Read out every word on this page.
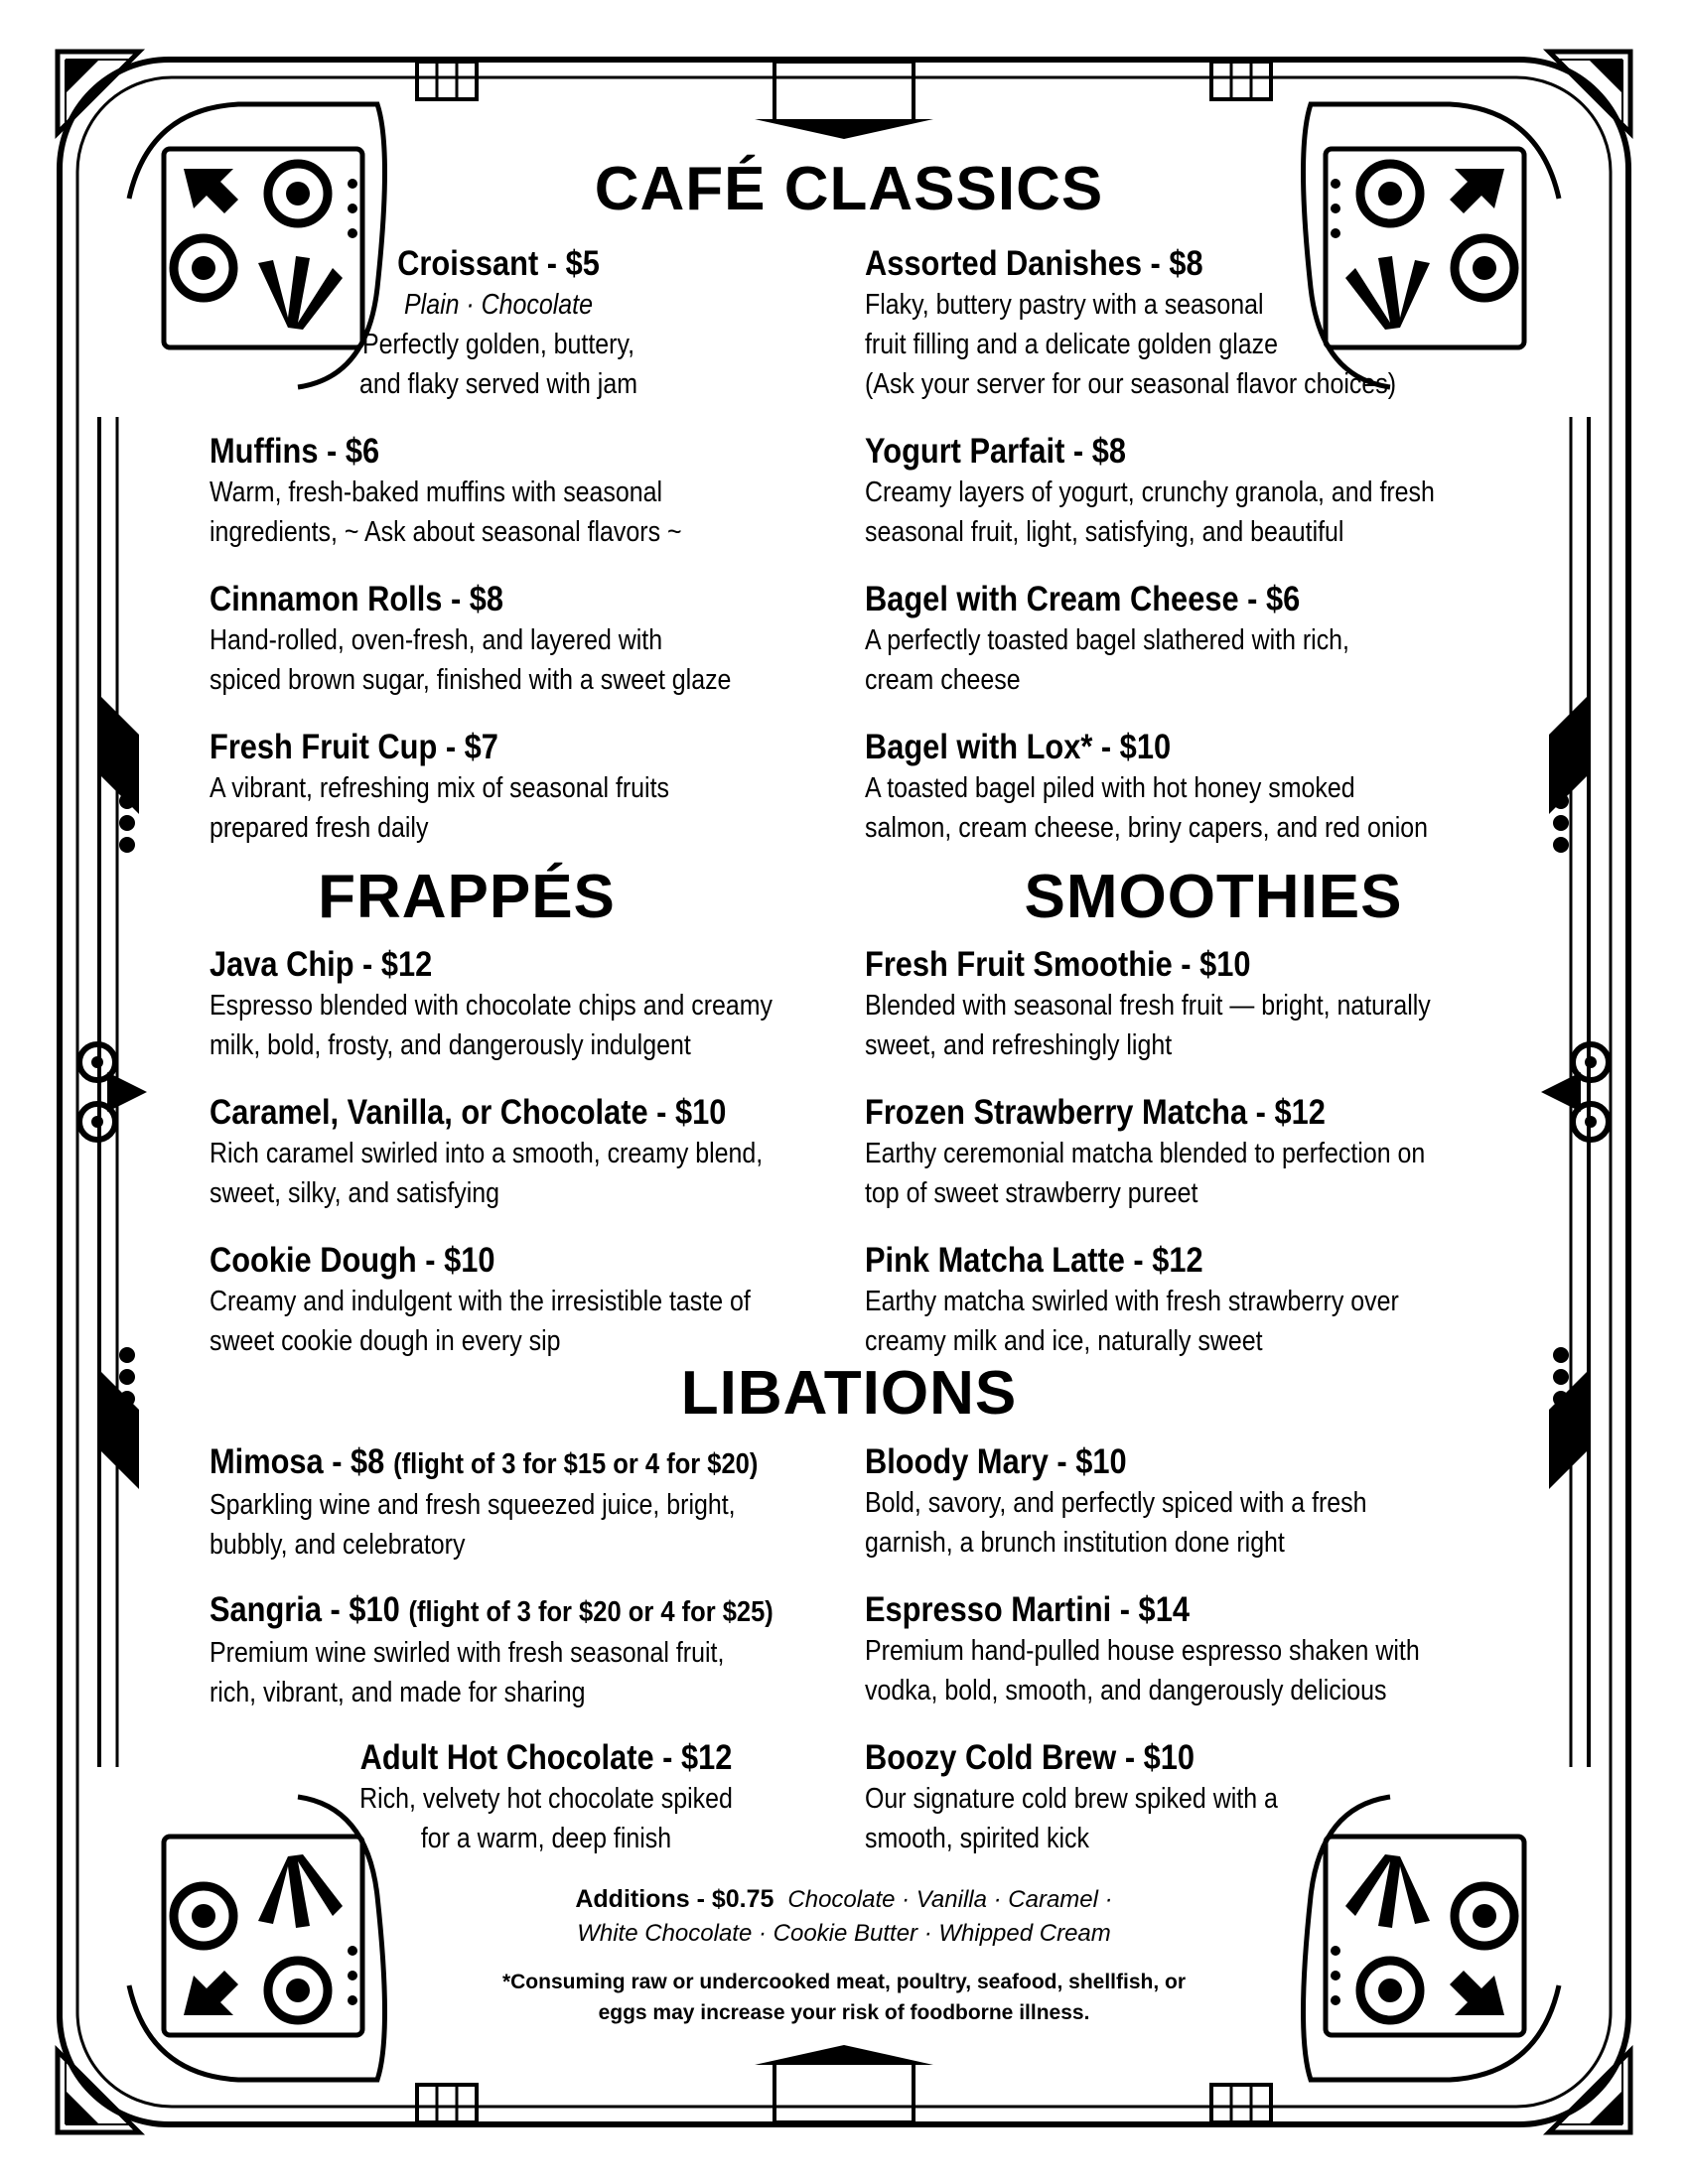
CAFÉ CLASSICS
Croissant - $5
Plain · Chocolate
Perfectly golden, buttery,
and flaky served with jam
Assorted Danishes - $8
Flaky, buttery pastry with a seasonal
fruit filling and a delicate golden glaze
(Ask your server for our seasonal flavor choices)
Muffins - $6
Warm, fresh-baked muffins with seasonal
ingredients, ~ Ask about seasonal flavors ~
Yogurt Parfait - $8
Creamy layers of yogurt, crunchy granola, and fresh
seasonal fruit, light, satisfying, and beautiful
Cinnamon Rolls - $8
Hand-rolled, oven-fresh, and layered with
spiced brown sugar, finished with a sweet glaze
Bagel with Cream Cheese - $6
A perfectly toasted bagel slathered with rich,
cream cheese
Fresh Fruit Cup - $7
A vibrant, refreshing mix of seasonal fruits
prepared fresh daily
Bagel with Lox* - $10
A toasted bagel piled with hot honey smoked
salmon, cream cheese, briny capers, and red onion
FRAPPÉS	SMOOTHIES
Java Chip - $12
Espresso blended with chocolate chips and creamy
milk, bold, frosty, and dangerously indulgent
Fresh Fruit Smoothie - $10
Blended with seasonal fresh fruit — bright, naturally
sweet, and refreshingly light
Caramel, Vanilla, or Chocolate - $10
Rich caramel swirled into a smooth, creamy blend,
sweet, silky, and satisfying
Frozen Strawberry Matcha - $12
Earthy ceremonial matcha blended to perfection on
top of sweet strawberry pureet
Cookie Dough - $10
Creamy and indulgent with the irresistible taste of
sweet cookie dough in every sip
Pink Matcha Latte - $12
Earthy matcha swirled with fresh strawberry over
creamy milk and ice, naturally sweet
LIBATIONS
Mimosa - $8 (flight of 3 for $15 or 4 for $20)
Sparkling wine and fresh squeezed juice, bright,
bubbly, and celebratory
Bloody Mary - $10
Bold, savory, and perfectly spiced with a fresh
garnish, a brunch institution done right
Sangria - $10 (flight of 3 for $20 or 4 for $25)
Premium wine swirled with fresh seasonal fruit,
rich, vibrant, and made for sharing
Espresso Martini - $14
Premium hand-pulled house espresso shaken with
vodka, bold, smooth, and dangerously delicious
Adult Hot Chocolate - $12
Rich, velvety hot chocolate spiked
for a warm, deep finish
Boozy Cold Brew - $10
Our signature cold brew spiked with a
smooth, spirited kick
Additions - $0.75 Chocolate · Vanilla · Caramel ·
White Chocolate · Cookie Butter · Whipped Cream
*Consuming raw or undercooked meat, poultry, seafood, shellfish, or
eggs may increase your risk of foodborne illness.
